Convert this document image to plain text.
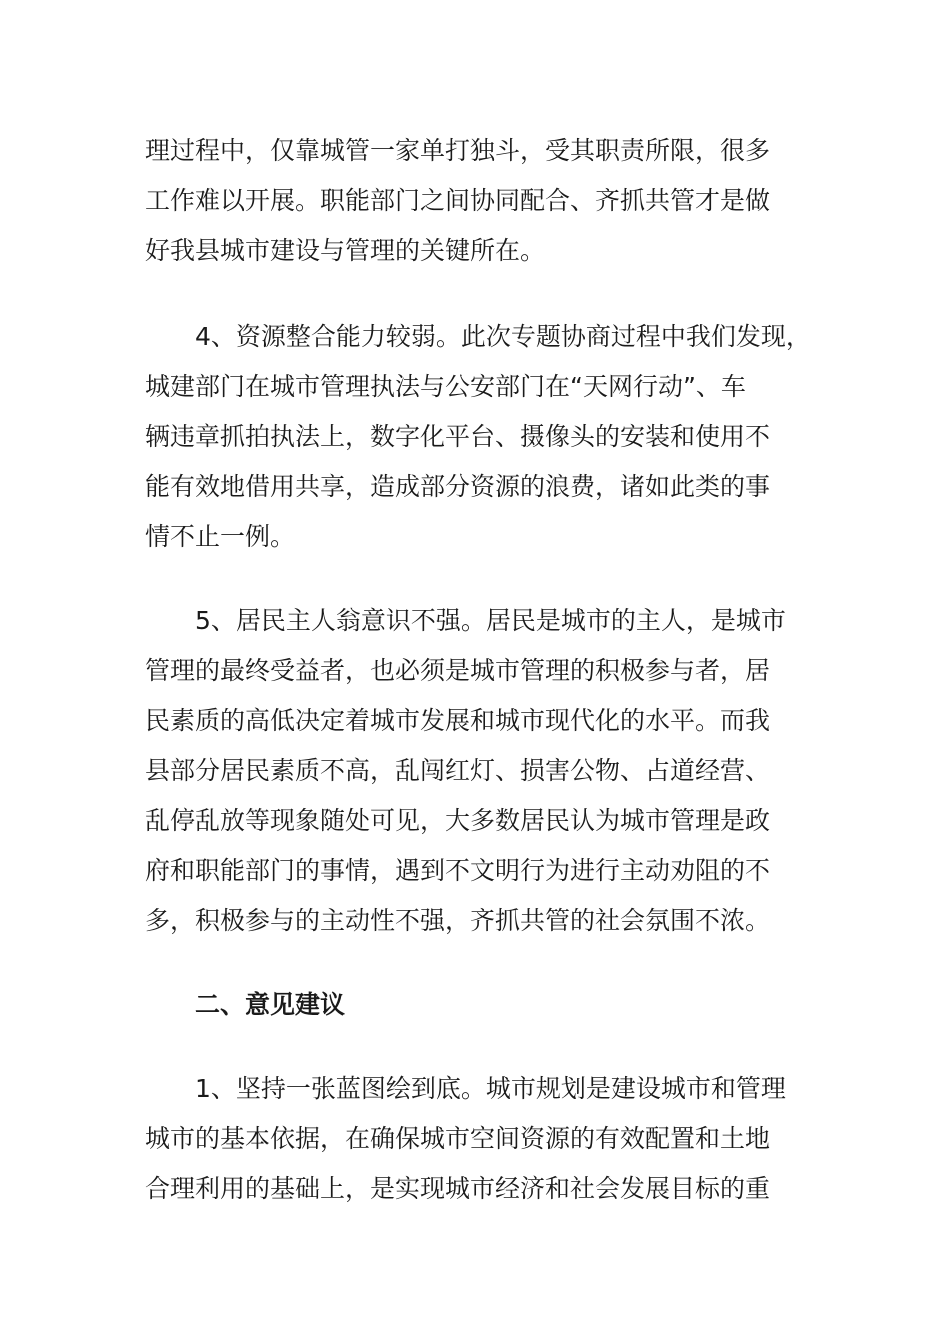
理过程中，仅靠城管一家单打独斗，受其职责所限，很多
工作难以开展。职能部门之间协同配合、齐抓共管才是做
好我县城市建设与管理的关键所在。
4、资源整合能力较弱。此次专题协商过程中我们发现，
城建部门在城市管理执法与公安部门在“天网行动”、车
辆违章抓拍执法上，数字化平台、摄像头的安装和使用不
能有效地借用共享，造成部分资源的浪费，诸如此类的事
情不止一例。
5、居民主人翁意识不强。居民是城市的主人，是城市
管理的最终受益者，也必须是城市管理的积极参与者，居
民素质的高低决定着城市发展和城市现代化的水平。而我
县部分居民素质不高，乱闯红灯、损害公物、占道经营、
乱停乱放等现象随处可见，大多数居民认为城市管理是政
府和职能部门的事情，遇到不文明行为进行主动劝阻的不
多，积极参与的主动性不强，齐抓共管的社会氛围不浓。
二、意见建议
1、坚持一张蓝图绘到底。城市规划是建设城市和管理
城市的基本依据，在确保城市空间资源的有效配置和土地
合理利用的基础上，是实现城市经济和社会发展目标的重
